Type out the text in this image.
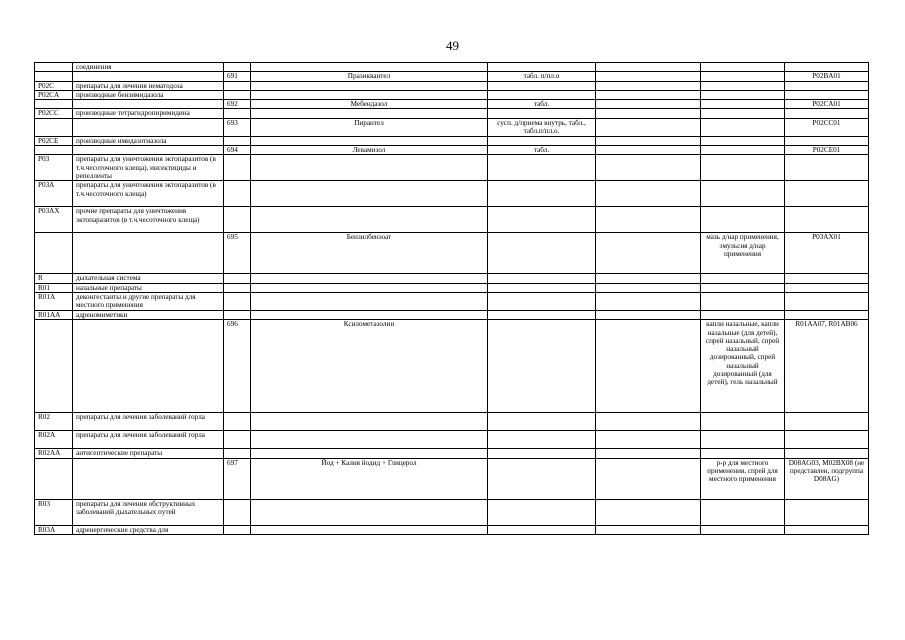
49
	соединения						
		691	Празиквантел	табл. п/пл.о			P02BA01
P02C	препараты для лечения нематодоза						
P02CA	производные бензимидазола						
		692	Мебендазол	табл.			P02CA01
P02CC	производные тетрагидропиримидина						
		693	Пирантел	сусп. д/приема внутрь, табл., табл.п/пл.о.			P02CC01
P02CE	производные имидазотиазола						
		694	Левамизол	табл.			P02CE01
P03	препараты для уничтожения эктопаразитов (в т.ч.чесоточного клеща), инсектициды и репелленты						
P03A	препараты для уничтожения эктопаразитов (в т.ч.чесоточного клеща)						
P03AX	прочие препараты для уничтожения эктопаразитов (в т.ч.чесоточного клеща)						
		695	Бензилбензоат			мазь д/нар применения, эмульсия д/нар применения	P03AX01
R	дыхательная система						
R01	назальные препараты						
R01A	деконгестанты и другие препараты для местного применения						
R01AA	адреномиметики						
		696	Ксилометазолин			капли назальные, капли назальные (для детей), спрей назальный, спрей назальный дозированный, спрей назальный дозированный (для детей), гель назальный	R01AA07, R01AB06
R02	препараты для лечения заболеваний горла						
R02A	препараты для лечения заболеваний горла						
R02AA	антисептические препараты						
		697	Йод + Калия йодид + Глицерол			р-р для местного применения, спрей для местного применения	D08AG03, M02BX08 (не представлен, подгруппа D08AG)
R03	препараты для лечения обструктивных заболеваний дыхательных путей						
R03A	адренергические средства для						
